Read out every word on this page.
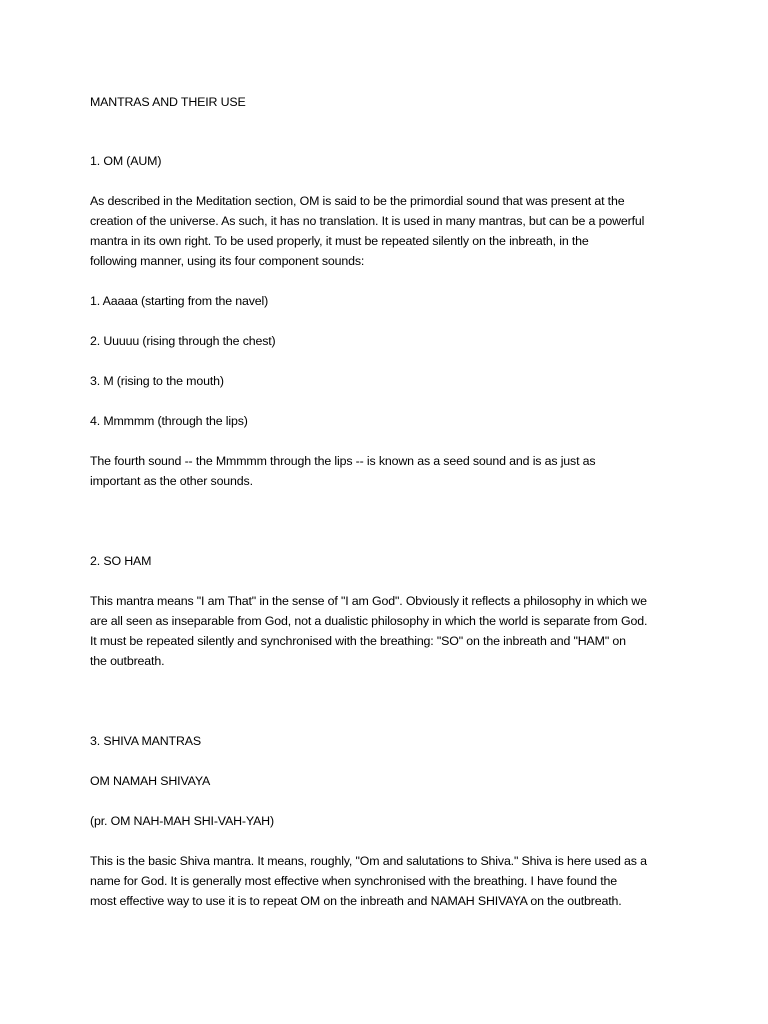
MANTRAS AND THEIR USE

1. OM (AUM)

As described in the Meditation section, OM is said to be the primordial sound that was present at the

creation of the universe. As such, it has no translation. It is used in many mantras, but can be a powerful

mantra in its own right. To be used properly, it must be repeated silently on the inbreath, in the

following manner, using its four component sounds:

1. Aaaaa (starting from the navel)

2. Uuuuu (rising through the chest)

3. M (rising to the mouth)

4. Mmmmm (through the lips)

The fourth sound -- the Mmmmm through the lips -- is known as a seed sound and is as just as

important as the other sounds.

2. SO HAM

This mantra means "I am That" in the sense of "I am God". Obviously it reflects a philosophy in which we

are all seen as inseparable from God, not a dualistic philosophy in which the world is separate from God.

It must be repeated silently and synchronised with the breathing: "SO" on the inbreath and "HAM" on

the outbreath.

3. SHIVA MANTRAS

OM NAMAH SHIVAYA

(pr. OM NAH-MAH SHI-VAH-YAH)

This is the basic Shiva mantra. It means, roughly, "Om and salutations to Shiva." Shiva is here used as a

name for God. It is generally most effective when synchronised with the breathing. I have found the

most effective way to use it is to repeat OM on the inbreath and NAMAH SHIVAYA on the outbreath.
